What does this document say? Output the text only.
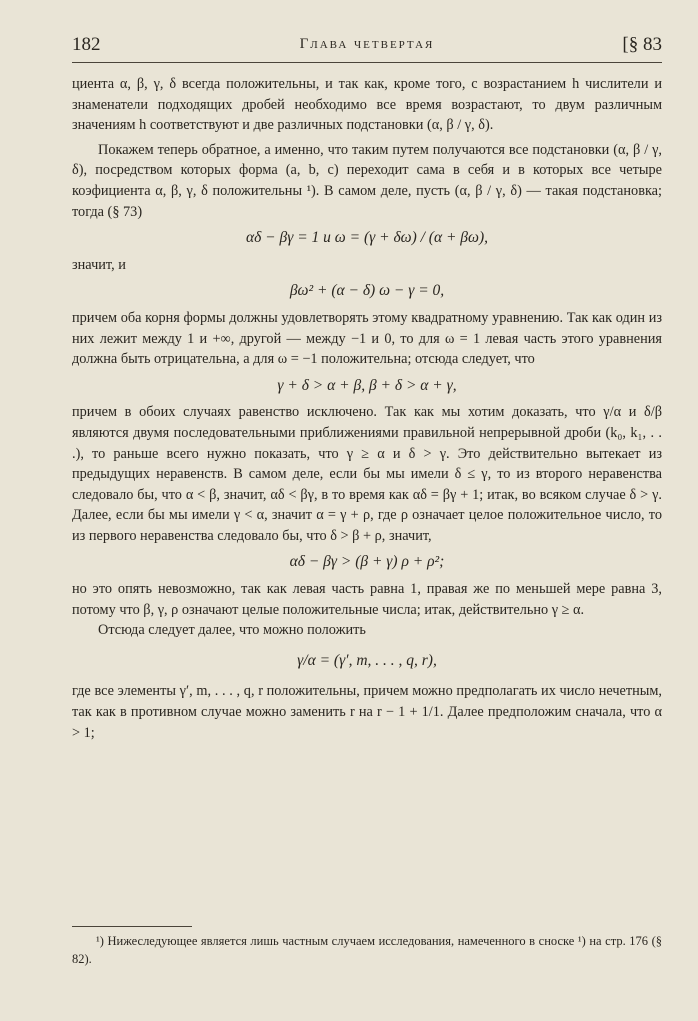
182	Глава четвертая	[§ 83

циента α, β, γ, δ всегда положительны, и так как, кроме того, с возрастанием h числители и знаменатели подходящих дробей необходимо все время возрастают, то двум различным значениям h соответствуют и две различных подстановки (α, β / γ, δ).

Покажем теперь обратное, а именно, что таким путем получаются все подстановки (α, β / γ, δ), посредством которых форма (a, b, c) переходит сама в себя и в которых все четыре коэфициента α, β, γ, δ положительны ¹). В самом деле, пусть (α, β / γ, δ) — такая подстановка; тогда (§ 73)

αδ − βγ = 1 и ω = (γ + δω) / (α + βω),

значит, и

βω² + (α − δ) ω − γ = 0,

причем оба корня формы должны удовлетворять этому квадратному уравнению. Так как один из них лежит между 1 и +∞, другой — между −1 и 0, то для ω = 1 левая часть этого уравнения должна быть отрицательна, а для ω = −1 положительна; отсюда следует, что

γ + δ > α + β, β + δ > α + γ,

причем в обоих случаях равенство исключено. Так как мы хотим доказать, что γ/α и δ/β являются двумя последовательными приближениями правильной непрерывной дроби (k₀, k₁, . . .), то раньше всего нужно показать, что γ ≥ α и δ > γ. Это действительно вытекает из предыдущих неравенств. В самом деле, если бы мы имели δ ≤ γ, то из второго неравенства следовало бы, что α < β, значит, αδ < βγ, в то время как αδ = βγ + 1; итак, во всяком случае δ > γ. Далее, если бы мы имели γ < α, значит α = γ + ρ, где ρ означает целое положительное число, то из первого неравенства следовало бы, что δ > β + ρ, значит,

αδ − βγ > (β + γ) ρ + ρ²;

но это опять невозможно, так как левая часть равна 1, правая же по меньшей мере равна 3, потому что β, γ, ρ означают целые положительные числа; итак, действительно γ ≥ α.

Отсюда следует далее, что можно положить

γ/α = (γ′, m, . . . , q, r),

где все элементы γ′, m, . . . , q, r положительны, причем можно предполагать их число нечетным, так как в противном случае можно заменить r на r − 1 + 1/1. Далее предположим сначала, что α > 1;

¹) Нижеследующее является лишь частным случаем исследования, намеченного в сноске ¹) на стр. 176 (§ 82).
